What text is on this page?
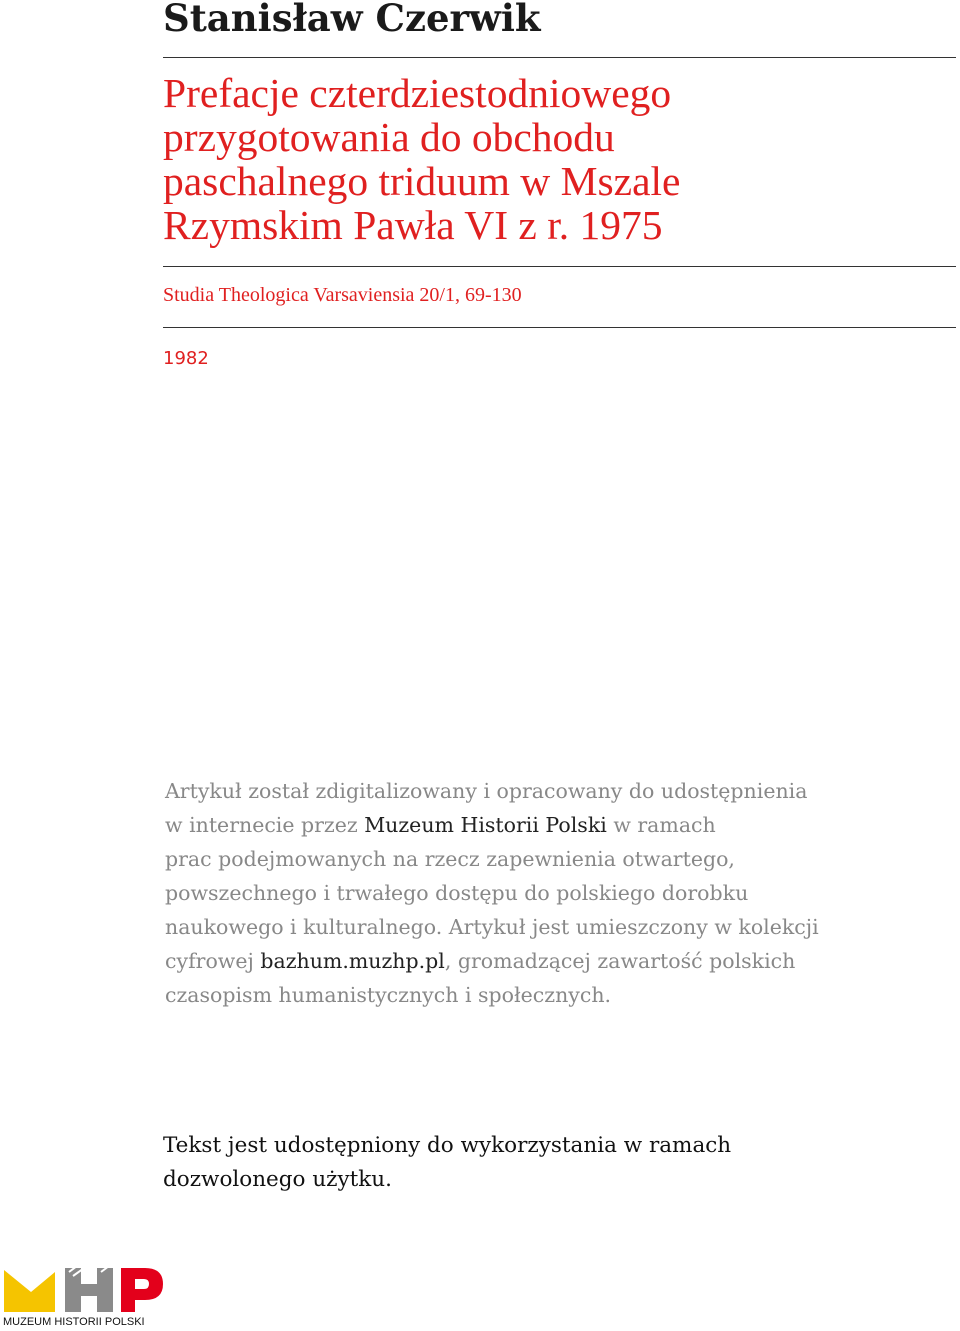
Stanisław Czerwik
Prefacje czterdziestodniowego
przygotowania do obchodu
paschalnego triduum w Mszale
Rzymskim Pawła VI z r. 1975

Studia Theologica Varsaviensia 20/1, 69-130

1982

Artykuł został zdigitalizowany i opracowany do udostępnienia
w internecie przez Muzeum Historii Polski w ramach
prac podejmowanych na rzecz zapewnienia otwartego,
powszechnego i trwałego dostępu do polskiego dorobku
naukowego i kulturalnego. Artykuł jest umieszczony w kolekcji
cyfrowej bazhum.muzhp.pl, gromadzącej zawartość polskich
czasopism humanistycznych i społecznych.

Tekst jest udostępniony do wykorzystania w ramach
dozwolonego użytku.

MUZEUM HISTORII POLSKI
